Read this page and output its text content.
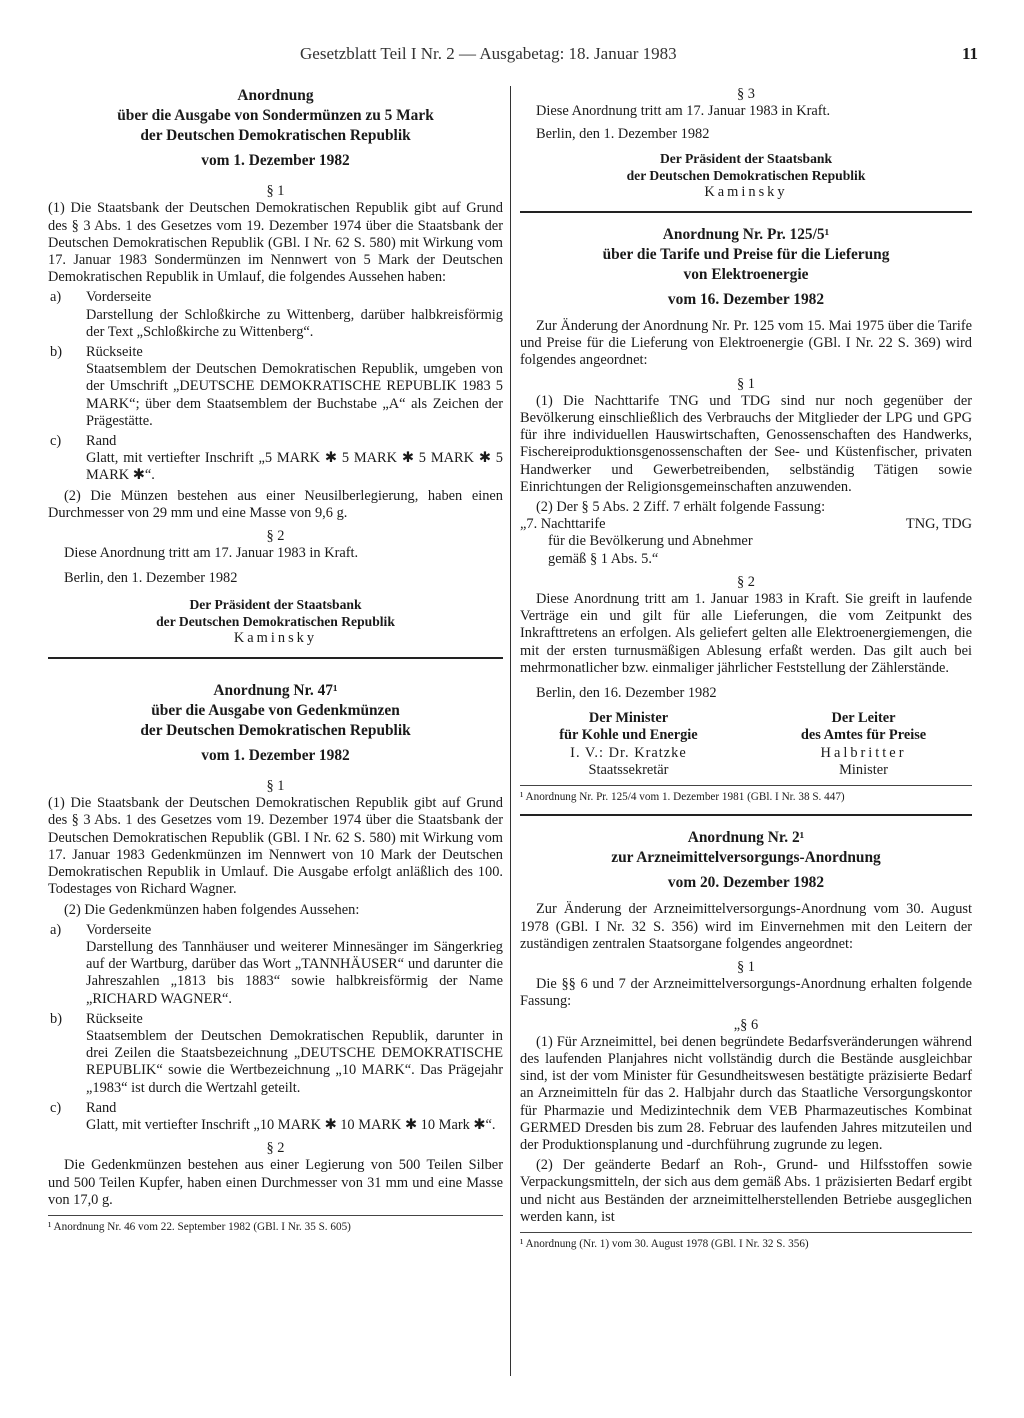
Gesetzblatt Teil I Nr. 2 — Ausgabetag: 18. Januar 1983	11
Anordnung
über die Ausgabe von Sondermünzen zu 5 Mark
der Deutschen Demokratischen Republik
vom 1. Dezember 1982
§ 1

(1) Die Staatsbank der Deutschen Demokratischen Republik gibt auf Grund des § 3 Abs. 1 des Gesetzes vom 19. Dezember 1974 über die Staatsbank der Deutschen Demokratischen Republik (GBl. I Nr. 62 S. 580) mit Wirkung vom 17. Januar 1983 Sondermünzen im Nennwert von 5 Mark der Deutschen Demokratischen Republik in Umlauf, die folgendes Aussehen haben:

a) Vorderseite

Darstellung der Schloßkirche zu Wittenberg, darüber halbkreisförmig der Text „Schloßkirche zu Wittenberg“.

b) Rückseite

Staatsemblem der Deutschen Demokratischen Republik, umgeben von der Umschrift „DEUTSCHE DEMOKRATISCHE REPUBLIK 1983 5 MARK“; über dem Staatsemblem der Buchstabe „A“ als Zeichen der Prägestätte.

c) Rand

Glatt, mit vertiefter Inschrift „5 MARK ✱ 5 MARK ✱ 5 MARK ✱ 5 MARK ✱“.

(2) Die Münzen bestehen aus einer Neusilberlegierung, haben einen Durchmesser von 29 mm und eine Masse von 9,6 g.

§ 2

Diese Anordnung tritt am 17. Januar 1983 in Kraft.

Berlin, den 1. Dezember 1982

Der Präsident der Staatsbank
der Deutschen Demokratischen Republik
Kaminsky
Anordnung Nr. 47¹
über die Ausgabe von Gedenkmünzen
der Deutschen Demokratischen Republik
vom 1. Dezember 1982
§ 1

(1) Die Staatsbank der Deutschen Demokratischen Republik gibt auf Grund des § 3 Abs. 1 des Gesetzes vom 19. Dezember 1974 über die Staatsbank der Deutschen Demokratischen Republik (GBl. I Nr. 62 S. 580) mit Wirkung vom 17. Januar 1983 Gedenkmünzen im Nennwert von 10 Mark der Deutschen Demokratischen Republik in Umlauf. Die Ausgabe erfolgt anläßlich des 100. Todestages von Richard Wagner.

(2) Die Gedenkmünzen haben folgendes Aussehen:

a) Vorderseite

Darstellung des Tannhäuser und weiterer Minnesänger im Sängerkrieg auf der Wartburg, darüber das Wort „TANNHÄUSER“ und darunter die Jahreszahlen „1813 bis 1883“ sowie halbkreisförmig der Name „RICHARD WAGNER“.

b) Rückseite

Staatsemblem der Deutschen Demokratischen Republik, darunter in drei Zeilen die Staatsbezeichnung „DEUTSCHE DEMOKRATISCHE REPUBLIK“ sowie die Wertbezeichnung „10 MARK“. Das Prägejahr „1983“ ist durch die Wertzahl geteilt.

c) Rand

Glatt, mit vertiefter Inschrift „10 MARK ✱ 10 MARK ✱ 10 Mark ✱“.

§ 2

Die Gedenkmünzen bestehen aus einer Legierung von 500 Teilen Silber und 500 Teilen Kupfer, haben einen Durchmesser von 31 mm und eine Masse von 17,0 g.

¹ Anordnung Nr. 46 vom 22. September 1982 (GBl. I Nr. 35 S. 605)

§ 3

Diese Anordnung tritt am 17. Januar 1983 in Kraft.

Berlin, den 1. Dezember 1982

Der Präsident der Staatsbank
der Deutschen Demokratischen Republik
Kaminsky
Anordnung Nr. Pr. 125/5¹
über die Tarife und Preise für die Lieferung
von Elektroenergie
vom 16. Dezember 1982

Zur Änderung der Anordnung Nr. Pr. 125 vom 15. Mai 1975 über die Tarife und Preise für die Lieferung von Elektroenergie (GBl. I Nr. 22 S. 369) wird folgendes angeordnet:

§ 1

(1) Die Nachttarife TNG und TDG sind nur noch gegenüber der Bevölkerung einschließlich des Verbrauchs der Mitglieder der LPG und GPG für ihre individuellen Hauswirtschaften, Genossenschaften des Handwerks, Fischereiproduktionsgenossenschaften der See- und Küstenfischer, privaten Handwerker und Gewerbetreibenden, selbständig Tätigen sowie Einrichtungen der Religionsgemeinschaften anzuwenden.

(2) Der § 5 Abs. 2 Ziff. 7 erhält folgende Fassung:

„7. Nachttarife	TNG, TDG
für die Bevölkerung und Abnehmer
gemäß § 1 Abs. 5.“
§ 2

Diese Anordnung tritt am 1. Januar 1983 in Kraft. Sie greift in laufende Verträge ein und gilt für alle Lieferungen, die vom Zeitpunkt des Inkrafttretens an erfolgen. Als geliefert gelten alle Elektroenergiemengen, die mit der ersten turnusmäßigen Ablesung erfaßt werden. Das gilt auch bei mehrmonatlicher bzw. einmaliger jährlicher Feststellung der Zählerstände.

Berlin, den 16. Dezember 1982

Der Minister
für Kohle und Energie
I. V.: Dr. Kratzke
Staatssekretär
Der Leiter
des Amtes für Preise
Halbritter
Minister

¹ Anordnung Nr. Pr. 125/4 vom 1. Dezember 1981 (GBl. I Nr. 38 S. 447)

Anordnung Nr. 2¹
zur Arzneimittelversorgungs-Anordnung
vom 20. Dezember 1982

Zur Änderung der Arzneimittelversorgungs-Anordnung vom 30. August 1978 (GBl. I Nr. 32 S. 356) wird im Einvernehmen mit den Leitern der zuständigen zentralen Staatsorgane folgendes angeordnet:

§ 1

Die §§ 6 und 7 der Arzneimittelversorgungs-Anordnung erhalten folgende Fassung:

„§ 6

(1) Für Arzneimittel, bei denen begründete Bedarfsveränderungen während des laufenden Planjahres nicht vollständig durch die Bestände ausgleichbar sind, ist der vom Minister für Gesundheitswesen bestätigte präzisierte Bedarf an Arzneimitteln für das 2. Halbjahr durch das Staatliche Versorgungskontor für Pharmazie und Medizintechnik dem VEB Pharmazeutisches Kombinat GERMED Dresden bis zum 28. Februar des laufenden Jahres mitzuteilen und der Produktionsplanung und -durchführung zugrunde zu legen.

(2) Der geänderte Bedarf an Roh-, Grund- und Hilfsstoffen sowie Verpackungsmitteln, der sich aus dem gemäß Abs. 1 präzisierten Bedarf ergibt und nicht aus Beständen der arzneimittelherstellenden Betriebe ausgeglichen werden kann, ist

¹ Anordnung (Nr. 1) vom 30. August 1978 (GBl. I Nr. 32 S. 356)
